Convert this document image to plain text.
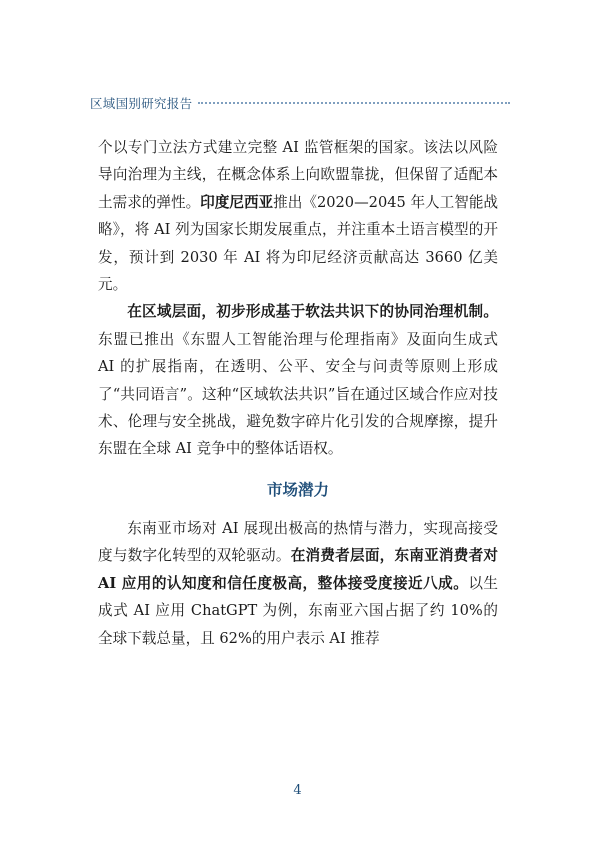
区域国别研究报告

个以专门立法方式建立完整 AI 监管框架的国家。该法以风险导向治理为主线，在概念体系上向欧盟靠拢，但保留了适配本土需求的弹性。印度尼西亚推出《2020—2045 年人工智能战略》，将 AI 列为国家长期发展重点，并注重本土语言模型的开发，预计到 2030 年 AI 将为印尼经济贡献高达 3660 亿美元。

在区域层面，初步形成基于软法共识下的协同治理机制。东盟已推出《东盟人工智能治理与伦理指南》及面向生成式 AI 的扩展指南，在透明、公平、安全与问责等原则上形成了“共同语言”。这种“区域软法共识”旨在通过区域合作应对技术、伦理与安全挑战，避免数字碎片化引发的合规摩擦，提升东盟在全球 AI 竞争中的整体话语权。

市场潜力

东南亚市场对 AI 展现出极高的热情与潜力，实现高接受度与数字化转型的双轮驱动。在消费者层面，东南亚消费者对 AI 应用的认知度和信任度极高，整体接受度接近八成。以生成式 AI 应用 ChatGPT 为例，东南亚六国占据了约 10%的全球下载总量，且 62%的用户表示 AI 推荐

4
